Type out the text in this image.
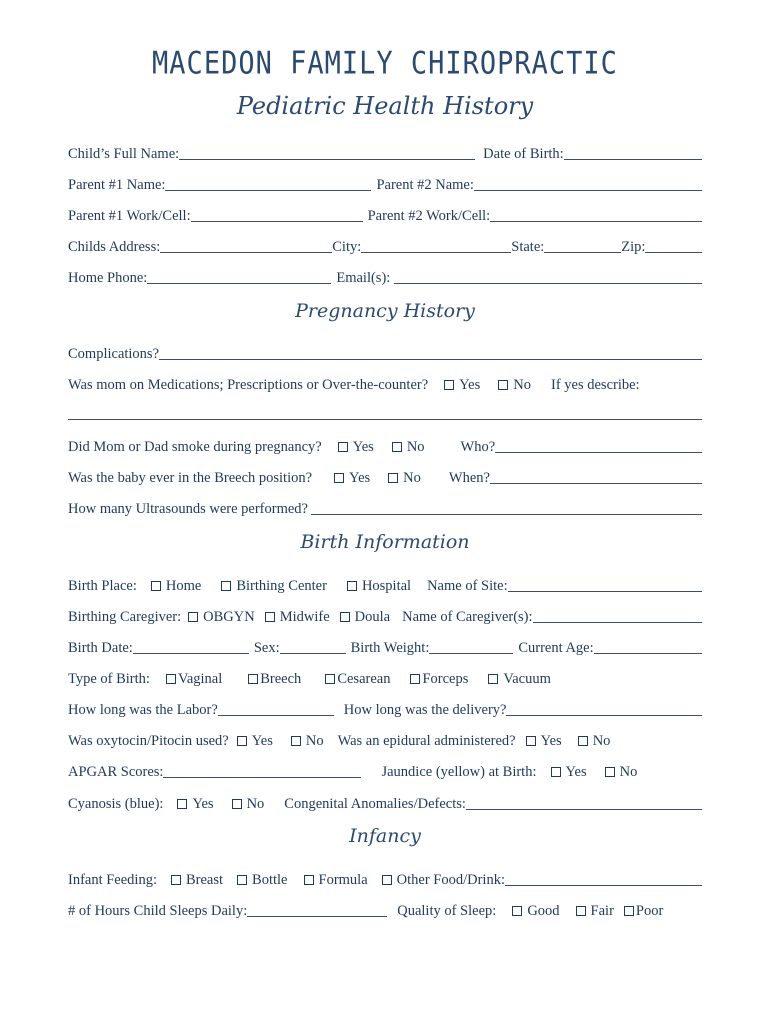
MACEDON FAMILY CHIROPRACTIC
Pediatric Health History
Child’s Full Name:	Date of Birth:
Parent #1 Name:	Parent #2 Name:
Parent #1 Work/Cell:	Parent #2 Work/Cell:
Childs Address:	City:	State:	Zip:
Home Phone:	Email(s):
Pregnancy History
Complications?
Was mom on Medications; Prescriptions or Over-the-counter? Yes No If yes describe:
Did Mom or Dad smoke during pregnancy? Yes No Who?
Was the baby ever in the Breech position?	Yes No When?
How many Ultrasounds were performed?
Birth Information
Birth Place: Home Birthing Center Hospital Name of Site:
Birthing Caregiver: OBGYN Midwife Doula Name of Caregiver(s):
Birth Date:	Sex:	Birth Weight:	Current Age:
Type of Birth: Vaginal	Breech Cesarean Forceps Vacuum
How long was the Labor?	How long was the delivery?
Was oxytocin/Pitocin used? Yes No Was an epidural administered? Yes No
APGAR Scores:	Jaundice (yellow) at Birth: Yes No
Cyanosis (blue): Yes No Congenital Anomalies/Defects:
Infancy
Infant Feeding: Breast Bottle Formula Other Food/Drink:
# of Hours Child Sleeps Daily:	Quality of Sleep: Good Fair Poor
